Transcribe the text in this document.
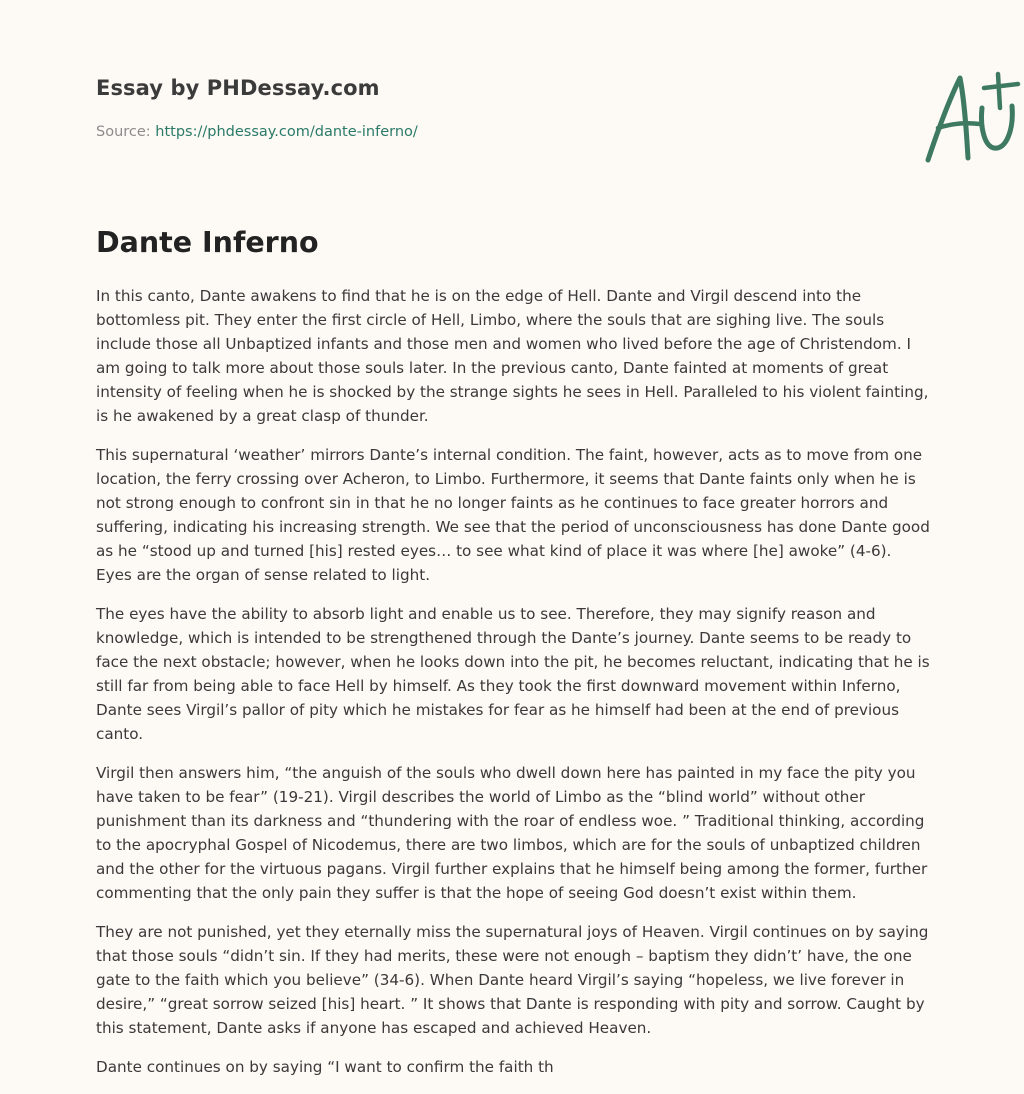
Essay by PHDessay.com
Source: https://phdessay.com/dante-inferno/
Dante Inferno

In this canto, Dante awakens to find that he is on the edge of Hell. Dante and Virgil descend into the bottomless pit. They enter the first circle of Hell, Limbo, where the souls that are sighing live. The souls include those all Unbaptized infants and those men and women who lived before the age of Christendom. I am going to talk more about those souls later. In the previous canto, Dante fainted at moments of great intensity of feeling when he is shocked by the strange sights he sees in Hell. Paralleled to his violent fainting, is he awakened by a great clasp of thunder.

This supernatural ‘weather’ mirrors Dante’s internal condition. The faint, however, acts as to move from one location, the ferry crossing over Acheron, to Limbo. Furthermore, it seems that Dante faints only when he is not strong enough to confront sin in that he no longer faints as he continues to face greater horrors and suffering, indicating his increasing strength. We see that the period of unconsciousness has done Dante good as he “stood up and turned [his] rested eyes… to see what kind of place it was where [he] awoke” (4-6). Eyes are the organ of sense related to light.

The eyes have the ability to absorb light and enable us to see. Therefore, they may signify reason and knowledge, which is intended to be strengthened through the Dante’s journey. Dante seems to be ready to face the next obstacle; however, when he looks down into the pit, he becomes reluctant, indicating that he is still far from being able to face Hell by himself. As they took the first downward movement within Inferno, Dante sees Virgil’s pallor of pity which he mistakes for fear as he himself had been at the end of previous canto.

Virgil then answers him, “the anguish of the souls who dwell down here has painted in my face the pity you have taken to be fear” (19-21). Virgil describes the world of Limbo as the “blind world” without other punishment than its darkness and “thundering with the roar of endless woe. ” Traditional thinking, according to the apocryphal Gospel of Nicodemus, there are two limbos, which are for the souls of unbaptized children and the other for the virtuous pagans. Virgil further explains that he himself being among the former, further commenting that the only pain they suffer is that the hope of seeing God doesn’t exist within them.

They are not punished, yet they eternally miss the supernatural joys of Heaven. Virgil continues on by saying that those souls “didn’t sin. If they had merits, these were not enough – baptism they didn’t’ have, the one gate to the faith which you believe” (34-6). When Dante heard Virgil’s saying “hopeless, we live forever in desire,” “great sorrow seized [his] heart. ” It shows that Dante is responding with pity and sorrow. Caught by this statement, Dante asks if anyone has escaped and achieved Heaven.

Dante continues on by saying “I want to confirm the faith th
